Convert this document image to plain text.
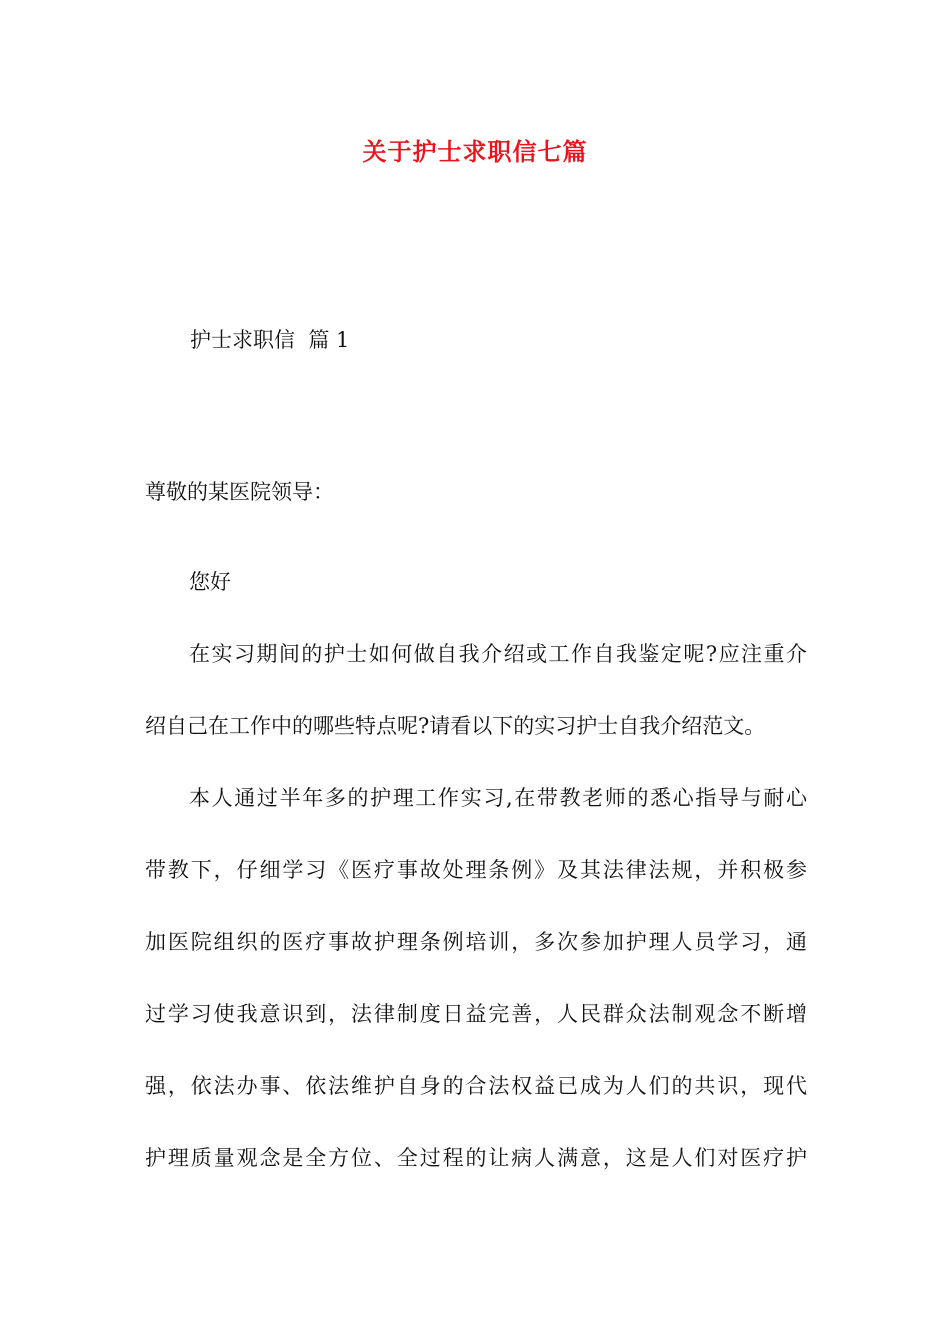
关于护士求职信七篇

护士求职信  篇 1

尊敬的某医院领导：

您好

在实习期间的护士如何做自我介绍或工作自我鉴定呢?应注重介
绍自己在工作中的哪些特点呢?请看以下的实习护士自我介绍范文。

本人通过半年多的护理工作实习,在带教老师的悉心指导与耐心
带教下，仔细学习《医疗事故处理条例》及其法律法规，并积极参
加医院组织的医疗事故护理条例培训，多次参加护理人员学习，通
过学习使我意识到，法律制度日益完善，人民群众法制观念不断增
强，依法办事、依法维护自身的合法权益已成为人们的共识，现代
护理质量观念是全方位、全过程的让病人满意，这是人们对医疗护
